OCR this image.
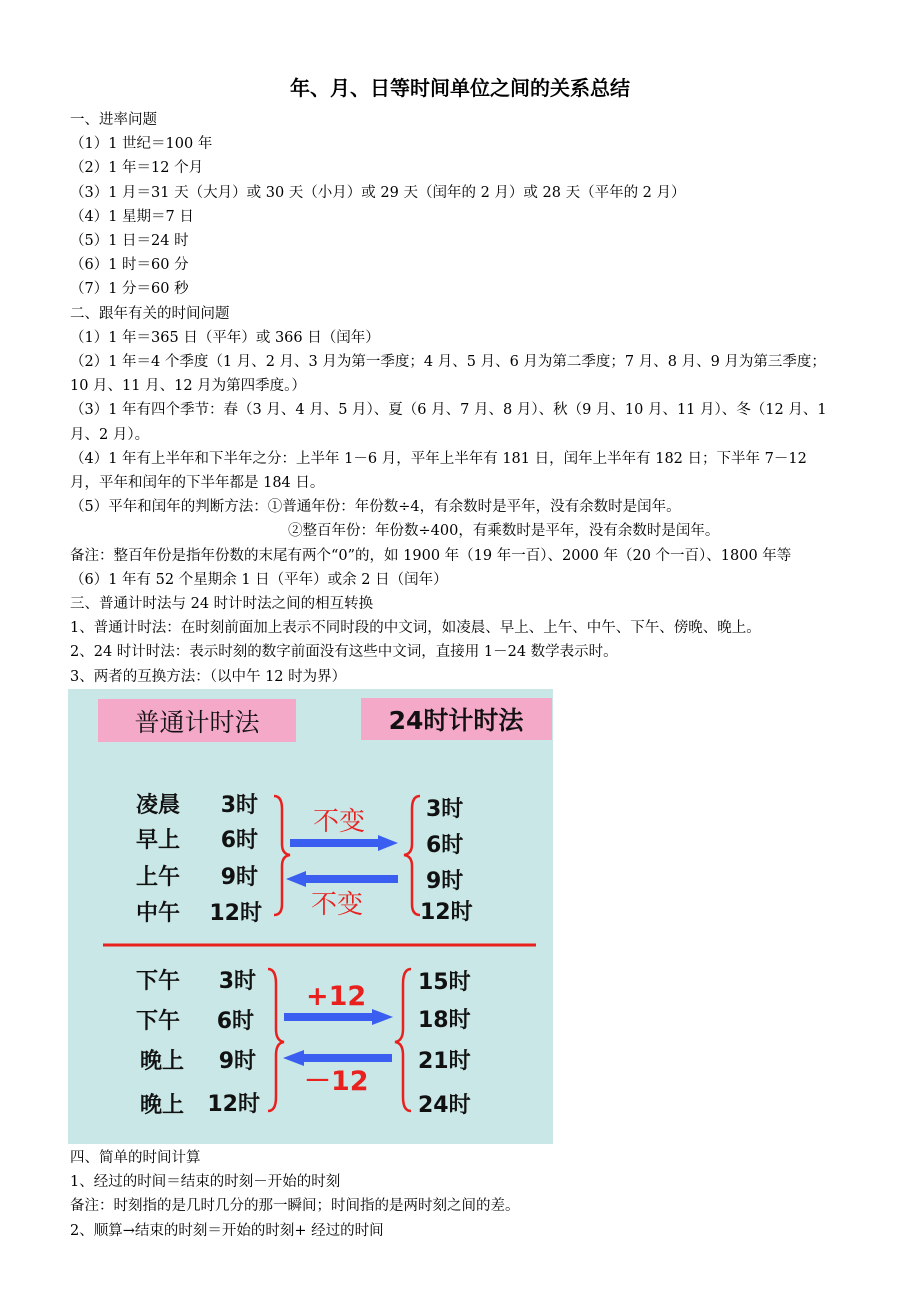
年、月、日等时间单位之间的关系总结
一、进率问题
（1）1 世纪＝100 年
（2）1 年＝12 个月
（3）1 月＝31 天（大月）或 30 天（小月）或 29 天（闰年的 2 月）或 28 天（平年的 2 月）
（4）1 星期＝7 日
（5）1 日＝24 时
（6）1 时＝60 分
（7）1 分＝60 秒
二、跟年有关的时间问题
（1）1 年＝365 日（平年）或 366 日（闰年）
（2）1 年＝4 个季度（1 月、2 月、3 月为第一季度；4 月、5 月、6 月为第二季度；7 月、8 月、9 月为第三季度；
10 月、11 月、12 月为第四季度。）
（3）1 年有四个季节：春（3 月、4 月、5 月）、夏（6 月、7 月、8 月）、秋（9 月、10 月、11 月）、冬（12 月、1
月、2 月）。
（4）1 年有上半年和下半年之分：上半年 1－6 月，平年上半年有 181 日，闰年上半年有 182 日；下半年 7－12
月，平年和闰年的下半年都是 184 日。
（5）平年和闰年的判断方法：①普通年份：年份数÷4，有余数时是平年，没有余数时是闰年。
②整百年份：年份数÷400，有乘数时是平年，没有余数时是闰年。
备注：整百年份是指年份数的末尾有两个“0”的，如 1900 年（19 年一百）、2000 年（20 个一百）、1800 年等
（6）1 年有 52 个星期余 1 日（平年）或余 2 日（闰年）
三、普通计时法与 24 时计时法之间的相互转换
1、普通计时法：在时刻前面加上表示不同时段的中文词，如凌晨、早上、上午、中午、下午、傍晚、晚上。
2、24 时计时法：表示时刻的数字前面没有这些中文词，直接用 1－24 数学表示时。
3、两者的互换方法：（以中午 12 时为界）
普通计时法	24时计时法
凌晨
早上
上午
中午
3时
6时
9时
12时
3时
6时
9时
12时
下午
下午
晚上
晚上
3时
6时
9时
12时
15时
18时
21时
24时
不变
不变
+12
－12
四、简单的时间计算
1、经过的时间＝结束的时刻－开始的时刻
备注：时刻指的是几时几分的那一瞬间；时间指的是两时刻之间的差。
2、顺算→结束的时刻＝开始的时刻+ 经过的时间
